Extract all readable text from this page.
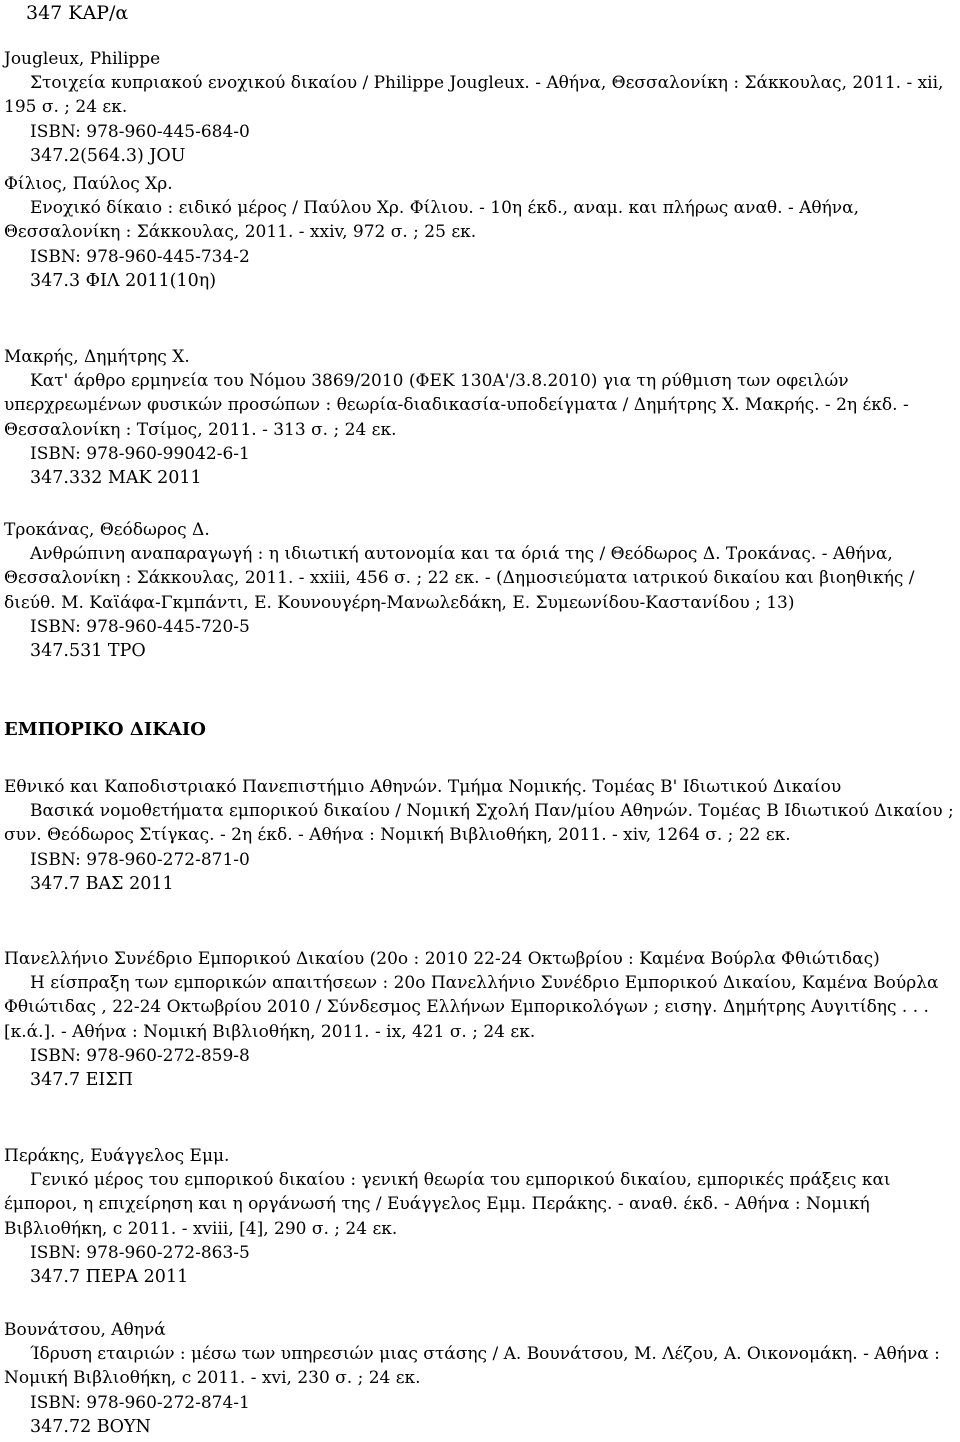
347 ΚΑΡ/α
Jougleux, Philippe
Στοιχεία κυπριακού ενοχικού δικαίου / Philippe Jougleux. - Αθήνα, Θεσσαλονίκη : Σάκκουλας, 2011. - xii, 195 σ. ; 24 εκ.
ISBN: 978-960-445-684-0
347.2(564.3) JOU
Φίλιος, Παύλος Χρ.
Ενοχικό δίκαιο : ειδικό μέρος / Παύλου Χρ. Φίλιου. - 10η έκδ., αναμ. και πλήρως αναθ. - Αθήνα, Θεσσαλονίκη : Σάκκουλας, 2011. - xxiv, 972 σ. ; 25 εκ.
ISBN: 978-960-445-734-2
347.3 ΦΙΛ 2011(10η)
Μακρής, Δημήτρης Χ.
Κατ' άρθρο ερμηνεία του Νόμου 3869/2010 (ΦΕΚ 130Α'/3.8.2010) για τη ρύθμιση των οφειλών υπερχρεωμένων φυσικών προσώπων : θεωρία-διαδικασία-υποδείγματα / Δημήτρης Χ. Μακρής. - 2η έκδ. - Θεσσαλονίκη : Τσίμος, 2011. - 313 σ. ; 24 εκ.
ISBN: 978-960-99042-6-1
347.332 ΜΑΚ 2011
Τροκάνας, Θεόδωρος Δ.
Ανθρώπινη αναπαραγωγή : η ιδιωτική αυτονομία και τα όριά της / Θεόδωρος Δ. Τροκάνας. - Αθήνα, Θεσσαλονίκη : Σάκκουλας, 2011. - xxiii, 456 σ. ; 22 εκ. - (Δημοσιεύματα ιατρικού δικαίου και βιοηθικής / διεύθ. Μ. Καϊάφα-Γκμπάντι, Ε. Κουνουγέρη-Μανωλεδάκη, Ε. Συμεωνίδου-Καστανίδου ; 13)
ISBN: 978-960-445-720-5
347.531 ΤΡΟ
ΕΜΠΟΡΙΚΟ ΔΙΚΑΙΟ
Εθνικό και Καποδιστριακό Πανεπιστήμιο Αθηνών. Τμήμα Νομικής. Τομέας Β' Ιδιωτικού Δικαίου
Βασικά νομοθετήματα εμπορικού δικαίου / Νομική Σχολή Παν/μίου Αθηνών. Τομέας Β Ιδιωτικού Δικαίου ; συν. Θεόδωρος Στίγκας. - 2η έκδ. - Αθήνα : Νομική Βιβλιοθήκη, 2011. - xiv, 1264 σ. ; 22 εκ.
ISBN: 978-960-272-871-0
347.7 ΒΑΣ 2011
Πανελλήνιο Συνέδριο Εμπορικού Δικαίου (20ο : 2010 22-24 Οκτωβρίου : Καμένα Βούρλα Φθιώτιδας)
Η είσπραξη των εμπορικών απαιτήσεων : 20ο Πανελλήνιο Συνέδριο Εμπορικού Δικαίου, Καμένα Βούρλα Φθιώτιδας , 22-24 Οκτωβρίου 2010 / Σύνδεσμος Ελλήνων Εμπορικολόγων ; εισηγ. Δημήτρης Αυγιτίδης . . . [κ.ά.]. - Αθήνα : Νομική Βιβλιοθήκη, 2011. - ix, 421 σ. ; 24 εκ.
ISBN: 978-960-272-859-8
347.7 ΕΙΣΠ
Περάκης, Ευάγγελος Εμμ.
Γενικό μέρος του εμπορικού δικαίου : γενική θεωρία του εμπορικού δικαίου, εμπορικές πράξεις και έμποροι, η επιχείρηση και η οργάνωσή της / Ευάγγελος Εμμ. Περάκης. - αναθ. έκδ. - Αθήνα : Νομική Βιβλιοθήκη, c 2011. - xviii, [4], 290 σ. ; 24 εκ.
ISBN: 978-960-272-863-5
347.7 ΠΕΡΑ 2011
Βουνάτσου, Αθηνά
Ίδρυση εταιριών : μέσω των υπηρεσιών μιας στάσης / Α. Βουνάτσου, Μ. Λέζου, Α. Οικονομάκη. - Αθήνα : Νομική Βιβλιοθήκη, c 2011. - xvi, 230 σ. ; 24 εκ.
ISBN: 978-960-272-874-1
347.72 ΒΟΥΝ
